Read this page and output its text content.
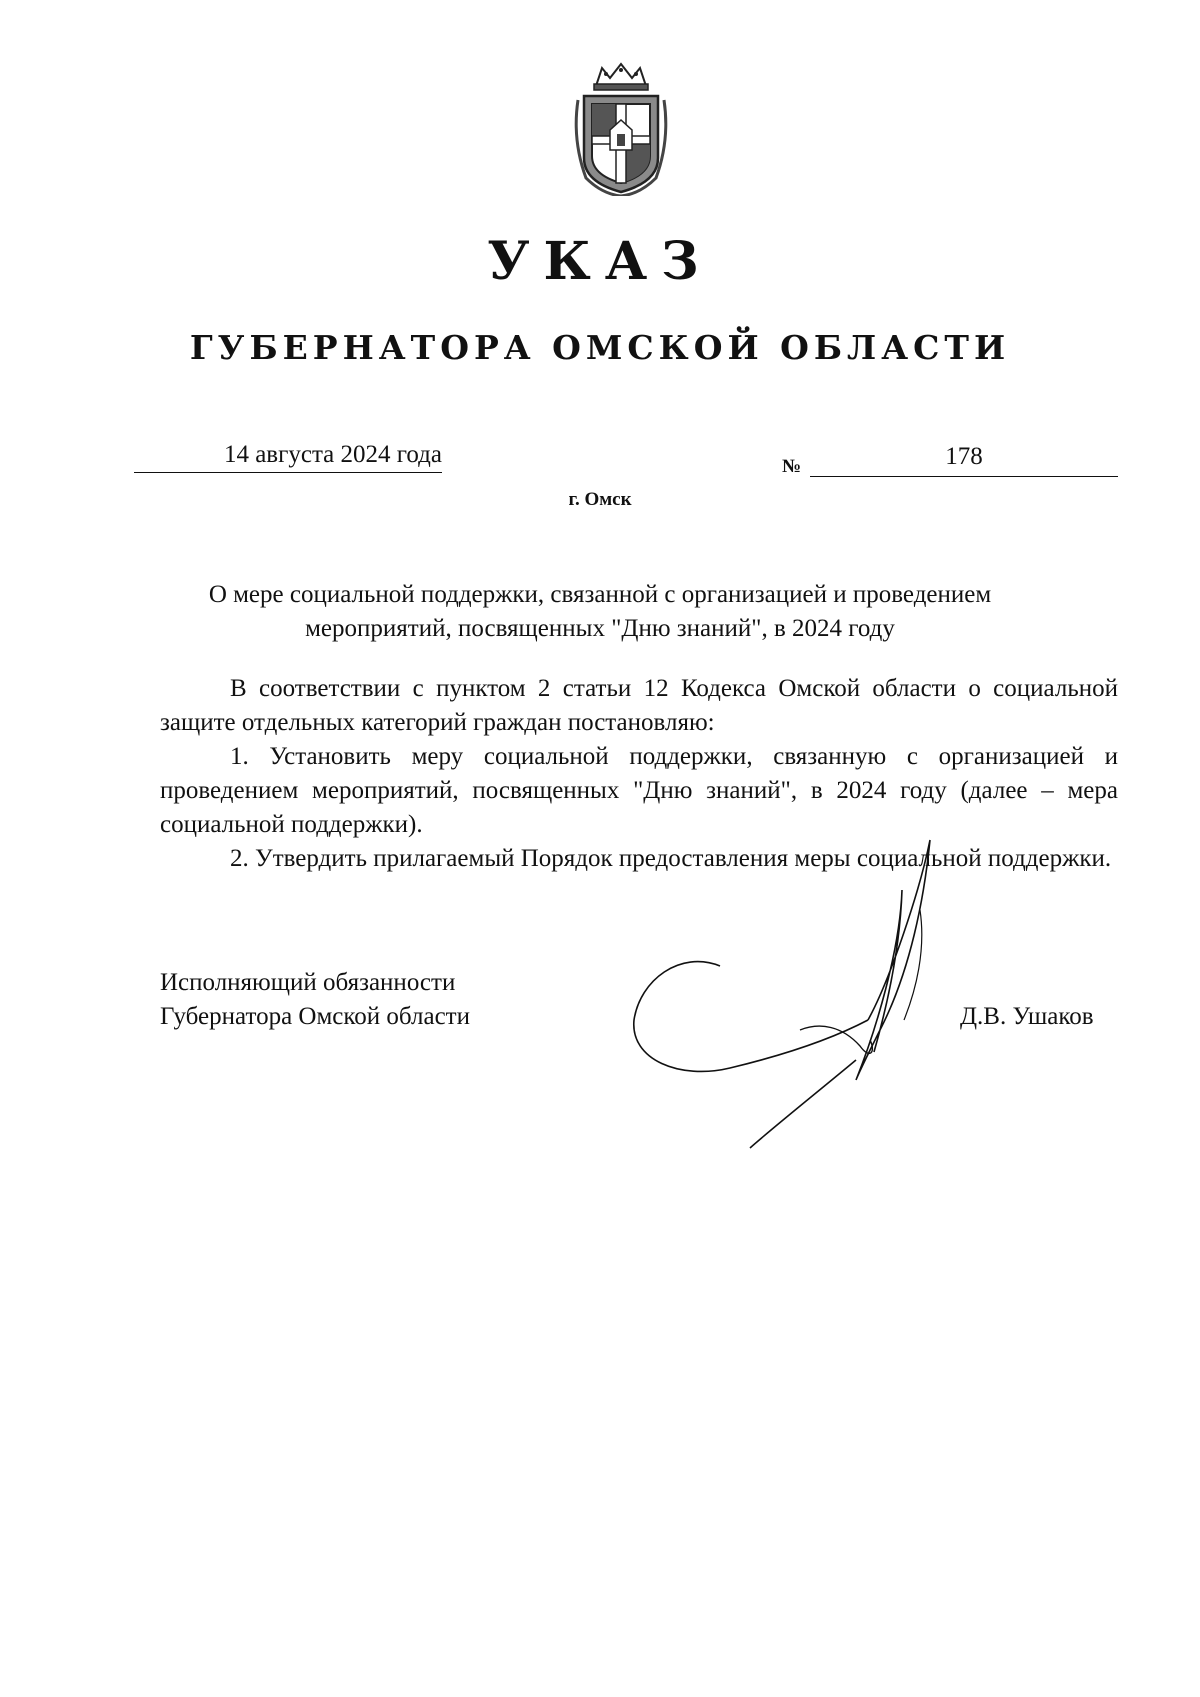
УКАЗ
ГУБЕРНАТОРА ОМСКОЙ ОБЛАСТИ
14 августа 2024 года	№	178
г. Омск
О мере социальной поддержки, связанной с организацией и проведением
мероприятий, посвященных "Дню знаний", в 2024 году

В соответствии с пунктом 2 статьи 12 Кодекса Омской области о социальной защите отдельных категорий граждан постановляю:

1. Установить меру социальной поддержки, связанную с организацией и проведением мероприятий, посвященных "Дню знаний", в 2024 году (далее – мера социальной поддержки).

2. Утвердить прилагаемый Порядок предоставления меры социальной поддержки.

Исполняющий обязанности
Губернатора Омской области	Д.В. Ушаков
